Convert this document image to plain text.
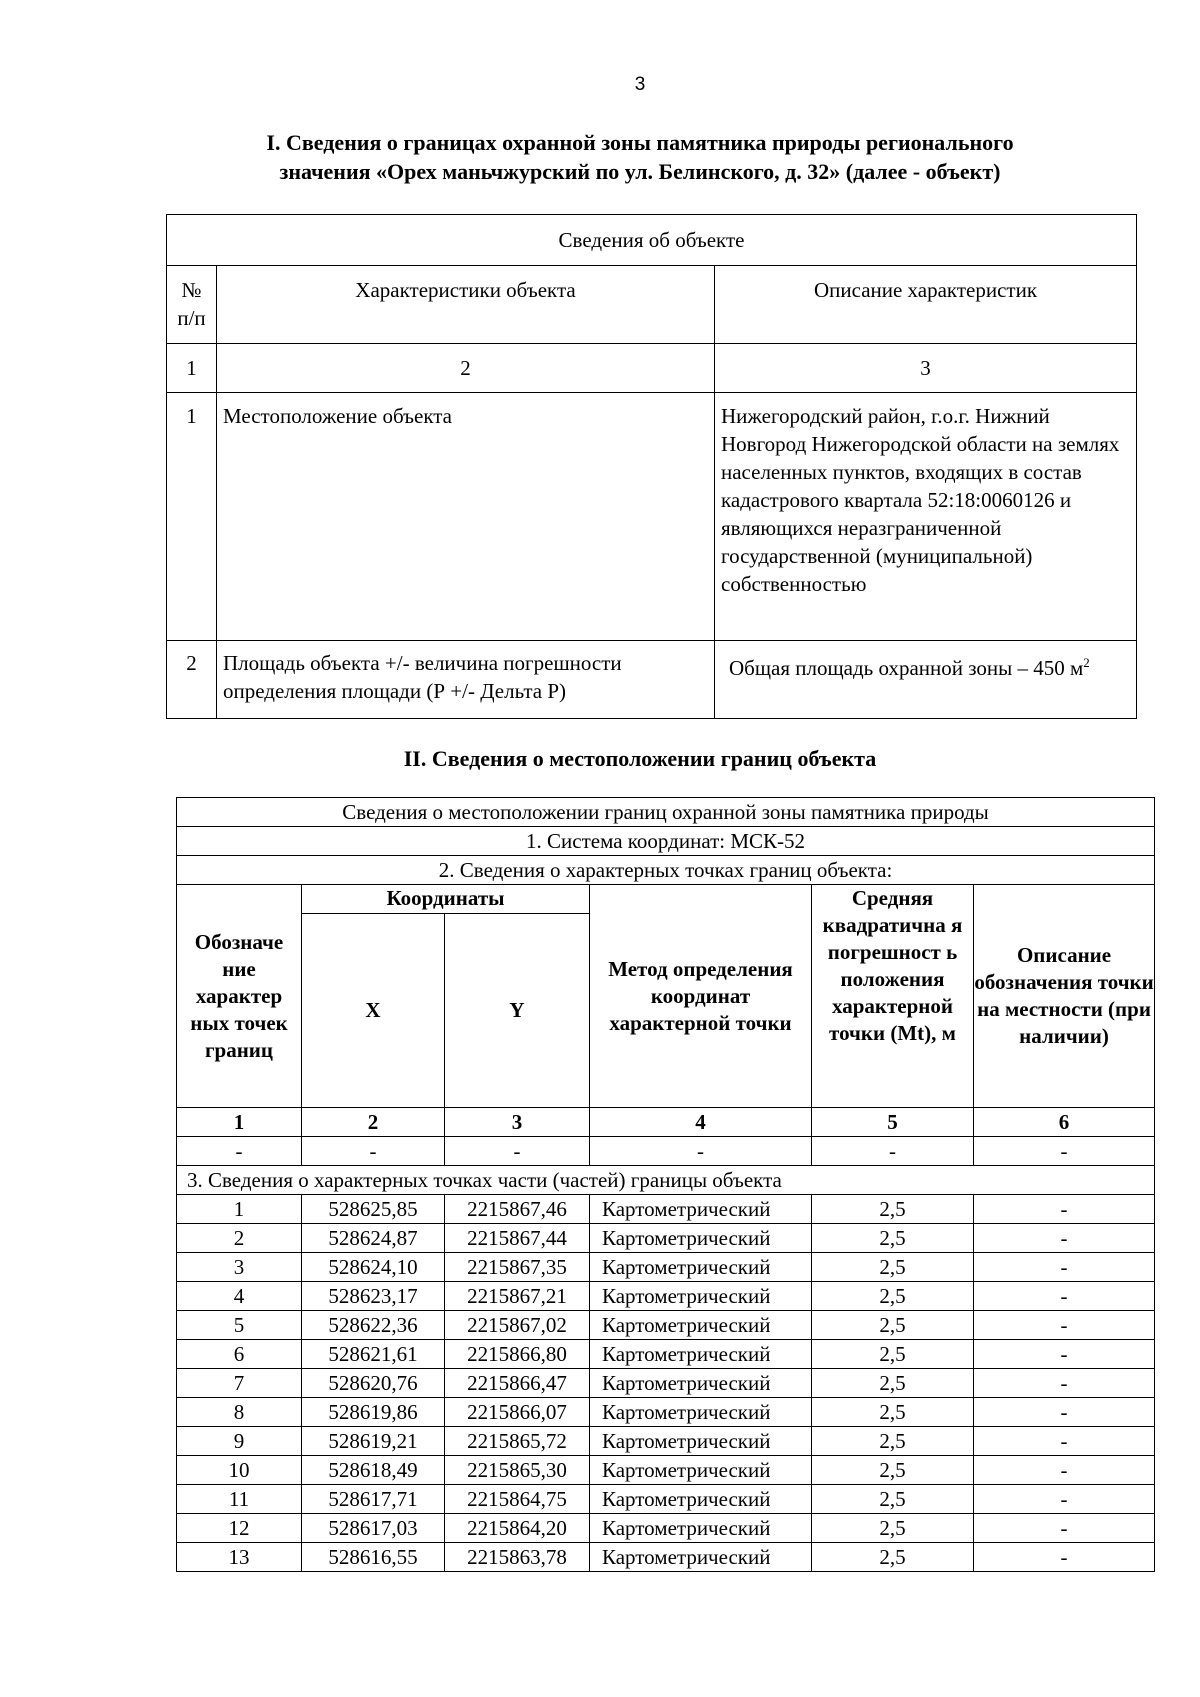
3
I. Сведения о границах охранной зоны памятника природы регионального
значения «Орех маньчжурский по ул. Белинского, д. 32» (далее - объект)
Сведения об объекте		
№ п/п	Характеристики объекта	Описание характеристик
1	2	3
1	Местоположение объекта	Нижегородский район, г.о.г. Нижний Новгород Нижегородской области на землях населенных пунктов, входящих в состав кадастрового квартала 52:18:0060126 и являющихся неразграниченной государственной (муниципальной) собственностью
2	Площадь объекта +/- величина погрешности определения площади (Р +/- Дельта Р)	Общая площадь охранной зоны – 450 $м^2$
II. Сведения о местоположении границ объекта
Сведения о местоположении границ охранной зоны памятника природы					
1. Система координат: МСК-52					
2. Сведения о характерных точках границ объекта:					
Обозначе ние характер ных точек границ	Координаты		Метод определения координат характерной точки	Средняя квадратична я погрешност ь положения характерной точки (Mt), м	Описание обозначения точки на местности (при наличии)
	X	Y			
1	2	3	4	5	6
-	-	-	-	-	-
3. Сведения о характерных точках части (частей) границы объекта					
1	528625,85	2215867,46	Картометрический	2,5	-
2	528624,87	2215867,44	Картометрический	2,5	-
3	528624,10	2215867,35	Картометрический	2,5	-
4	528623,17	2215867,21	Картометрический	2,5	-
5	528622,36	2215867,02	Картометрический	2,5	-
6	528621,61	2215866,80	Картометрический	2,5	-
7	528620,76	2215866,47	Картометрический	2,5	-
8	528619,86	2215866,07	Картометрический	2,5	-
9	528619,21	2215865,72	Картометрический	2,5	-
10	528618,49	2215865,30	Картометрический	2,5	-
11	528617,71	2215864,75	Картометрический	2,5	-
12	528617,03	2215864,20	Картометрический	2,5	-
13	528616,55	2215863,78	Картометрический	2,5	-
